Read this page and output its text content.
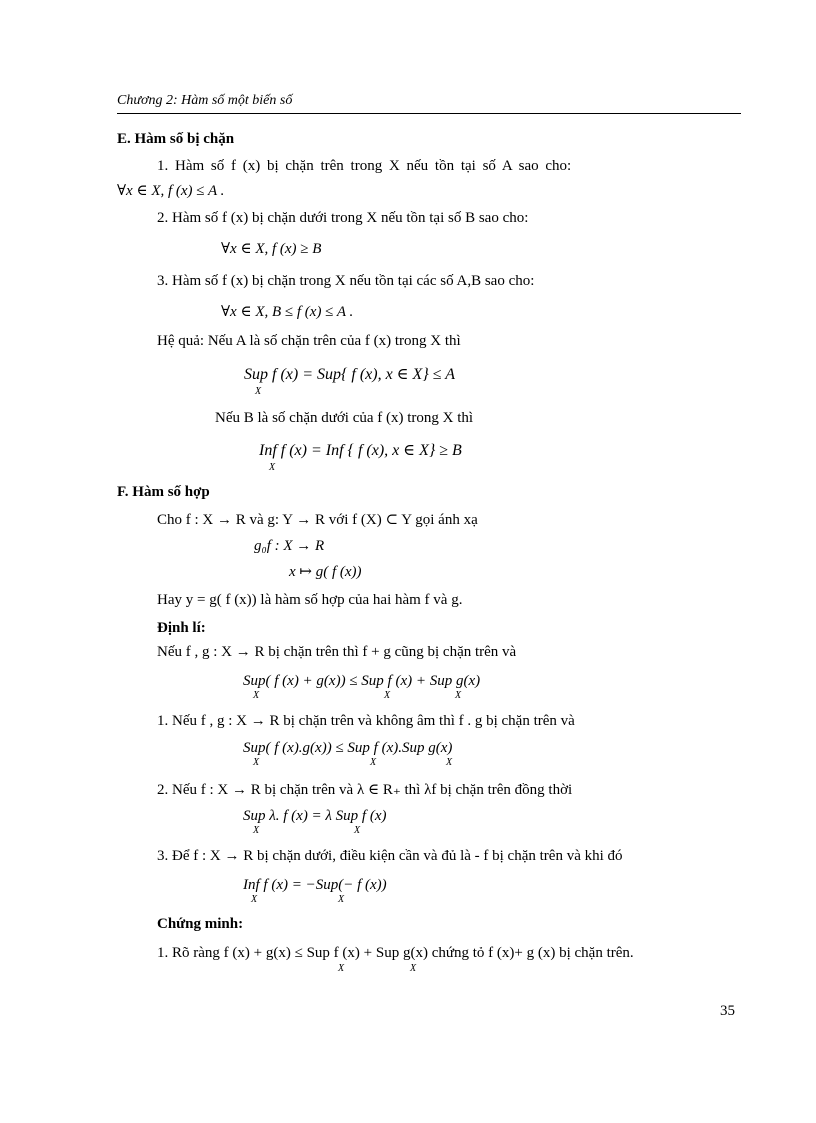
Chương 2: Hàm số một biến số
E. Hàm số bị chặn
1. Hàm số f (x) bị chặn trên trong X nếu tồn tại số A sao cho:
∀x ∈ X, f (x) ≤ A .
2. Hàm số f (x) bị chặn dưới trong X nếu tồn tại số B sao cho:
∀x ∈ X, f (x) ≥ B
3. Hàm số f (x) bị chặn trong X nếu tồn tại các số A,B sao cho:
∀x ∈ X, B ≤ f (x) ≤ A .
Hệ quả: Nếu A là số chặn trên của f (x) trong X thì
Sup f (x) = Sup{ f (x), x ∈ X} ≤ A
X
Nếu B là số chặn dưới của f (x) trong X thì
Inf f (x) = Inf { f (x), x ∈ X} ≥ B
X
F. Hàm số hợp
Cho f : X → R và g: Y → R với f (X) ⊂ Y gọi ánh xạ
g₀f : X → R
x ↦ g( f (x))
Hay y = g( f (x)) là hàm số hợp của hai hàm f và g.
Định lí:
Nếu f , g : X → R bị chặn trên thì f + g cũng bị chặn trên và
Sup( f (x) + g(x)) ≤ Sup f (x) + Sup g(x)
X	X	X
1. Nếu f , g : X → R bị chặn trên và không âm thì f . g bị chặn trên và
Sup( f (x).g(x)) ≤ Sup f (x).Sup g(x)
X	X	X
2. Nếu f : X → R bị chặn trên và λ ∈ R₊ thì λf bị chặn trên đồng thời
Sup λ. f (x) = λ Sup f (x)
X	X
3. Để f : X → R bị chặn dưới, điều kiện cần và đủ là - f bị chặn trên và khi đó
Inf f (x) = −Sup(− f (x))
X	X
Chứng minh:
1. Rõ ràng f (x) + g(x) ≤ Sup f (x) + Sup g(x) chứng tỏ f (x)+ g (x) bị chặn trên.
X	X
35
